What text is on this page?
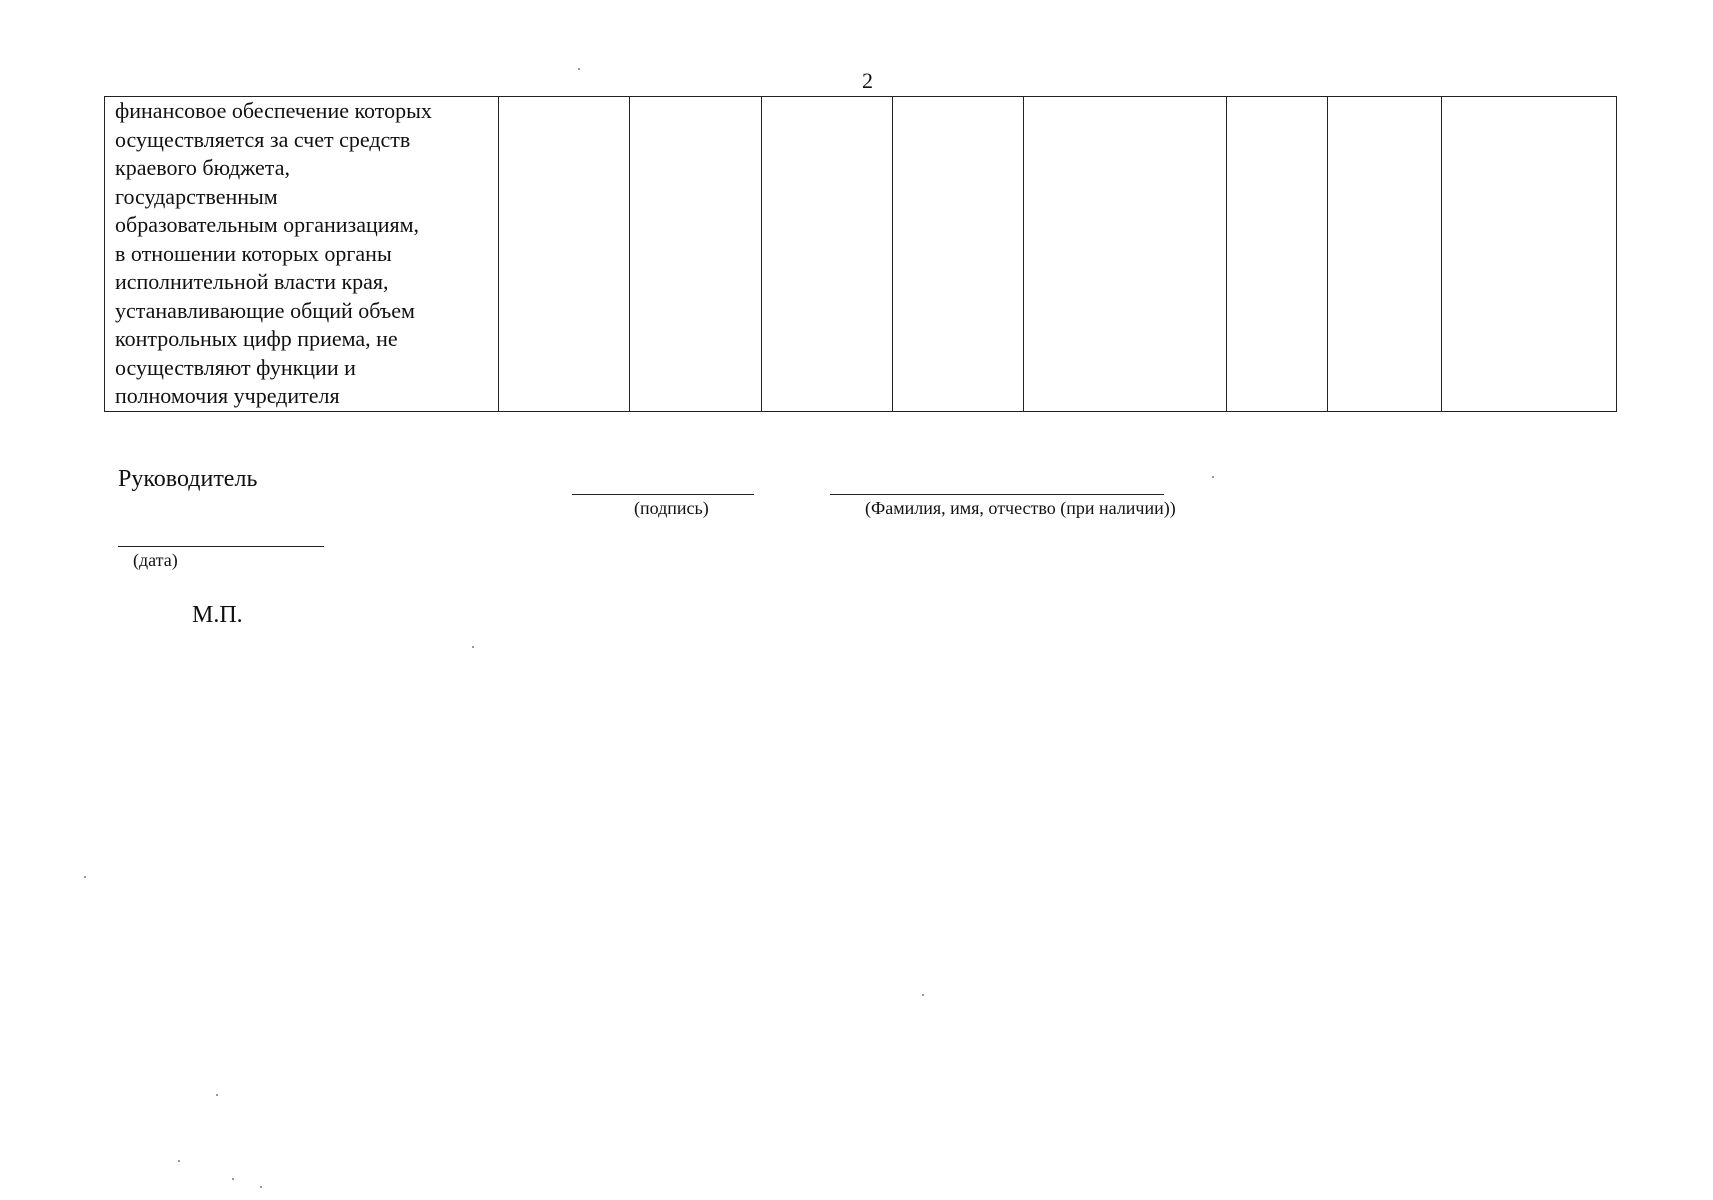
2
финансовое обеспечение которых
осуществляется за счет средств
краевого бюджета,
государственным
образовательным организациям,
в отношении которых органы
исполнительной власти края,
устанавливающие общий объем
контрольных цифр приема, не
осуществляют функции и
полномочия учредителя

Руководитель
(подпись)	(Фамилия, имя, отчество (при наличии))
(дата)
М.П.
